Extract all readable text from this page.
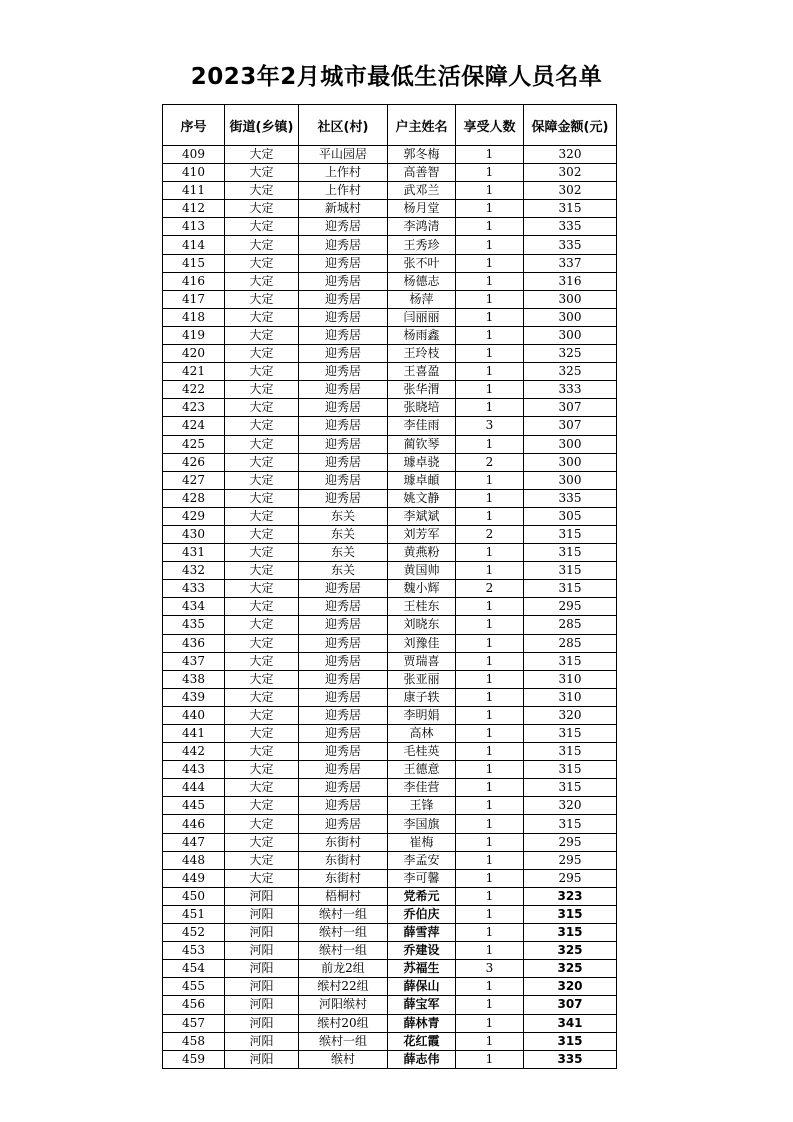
2023年2月城市最低生活保障人员名单
序号	街道(乡镇)	社区(村)	户主姓名	享受人数	保障金额(元)
409	大定	平山园居	郭冬梅	1	320
410	大定	上作村	高善智	1	302
411	大定	上作村	武邓兰	1	302
412	大定	新城村	杨月堂	1	315
413	大定	迎秀居	李鸿清	1	335
414	大定	迎秀居	王秀珍	1	335
415	大定	迎秀居	张不叶	1	337
416	大定	迎秀居	杨德志	1	316
417	大定	迎秀居	杨萍	1	300
418	大定	迎秀居	闫丽丽	1	300
419	大定	迎秀居	杨雨鑫	1	300
420	大定	迎秀居	王玲枝	1	325
421	大定	迎秀居	王喜盈	1	325
422	大定	迎秀居	张华渭	1	333
423	大定	迎秀居	张晓培	1	307
424	大定	迎秀居	李佳雨	3	307
425	大定	迎秀居	蔺钦琴	1	300
426	大定	迎秀居	璩卓骁	2	300
427	大定	迎秀居	璩卓頔	1	300
428	大定	迎秀居	姚文静	1	335
429	大定	东关	李斌斌	1	305
430	大定	东关	刘芳军	2	315
431	大定	东关	黄燕粉	1	315
432	大定	东关	黄国帅	1	315
433	大定	迎秀居	魏小辉	2	315
434	大定	迎秀居	王桂东	1	295
435	大定	迎秀居	刘晓东	1	285
436	大定	迎秀居	刘豫佳	1	285
437	大定	迎秀居	贾瑞喜	1	315
438	大定	迎秀居	张亚丽	1	310
439	大定	迎秀居	康子轶	1	310
440	大定	迎秀居	李明娟	1	320
441	大定	迎秀居	高林	1	315
442	大定	迎秀居	毛桂英	1	315
443	大定	迎秀居	王德意	1	315
444	大定	迎秀居	李佳营	1	315
445	大定	迎秀居	王锋	1	320
446	大定	迎秀居	李国旗	1	315
447	大定	东街村	崔梅	1	295
448	大定	东街村	李孟安	1	295
449	大定	东街村	李可馨	1	295
450	河阳	梧桐村	党希元	1	323
451	河阳	缑村一组	乔伯庆	1	315
452	河阳	缑村一组	薛雪萍	1	315
453	河阳	缑村一组	乔建设	1	325
454	河阳	前龙2组	苏福生	3	325
455	河阳	缑村22组	薛保山	1	320
456	河阳	河阳缑村	薛宝军	1	307
457	河阳	缑村20组	薛林青	1	341
458	河阳	缑村一组	花红霞	1	315
459	河阳	缑村	薛志伟	1	335
